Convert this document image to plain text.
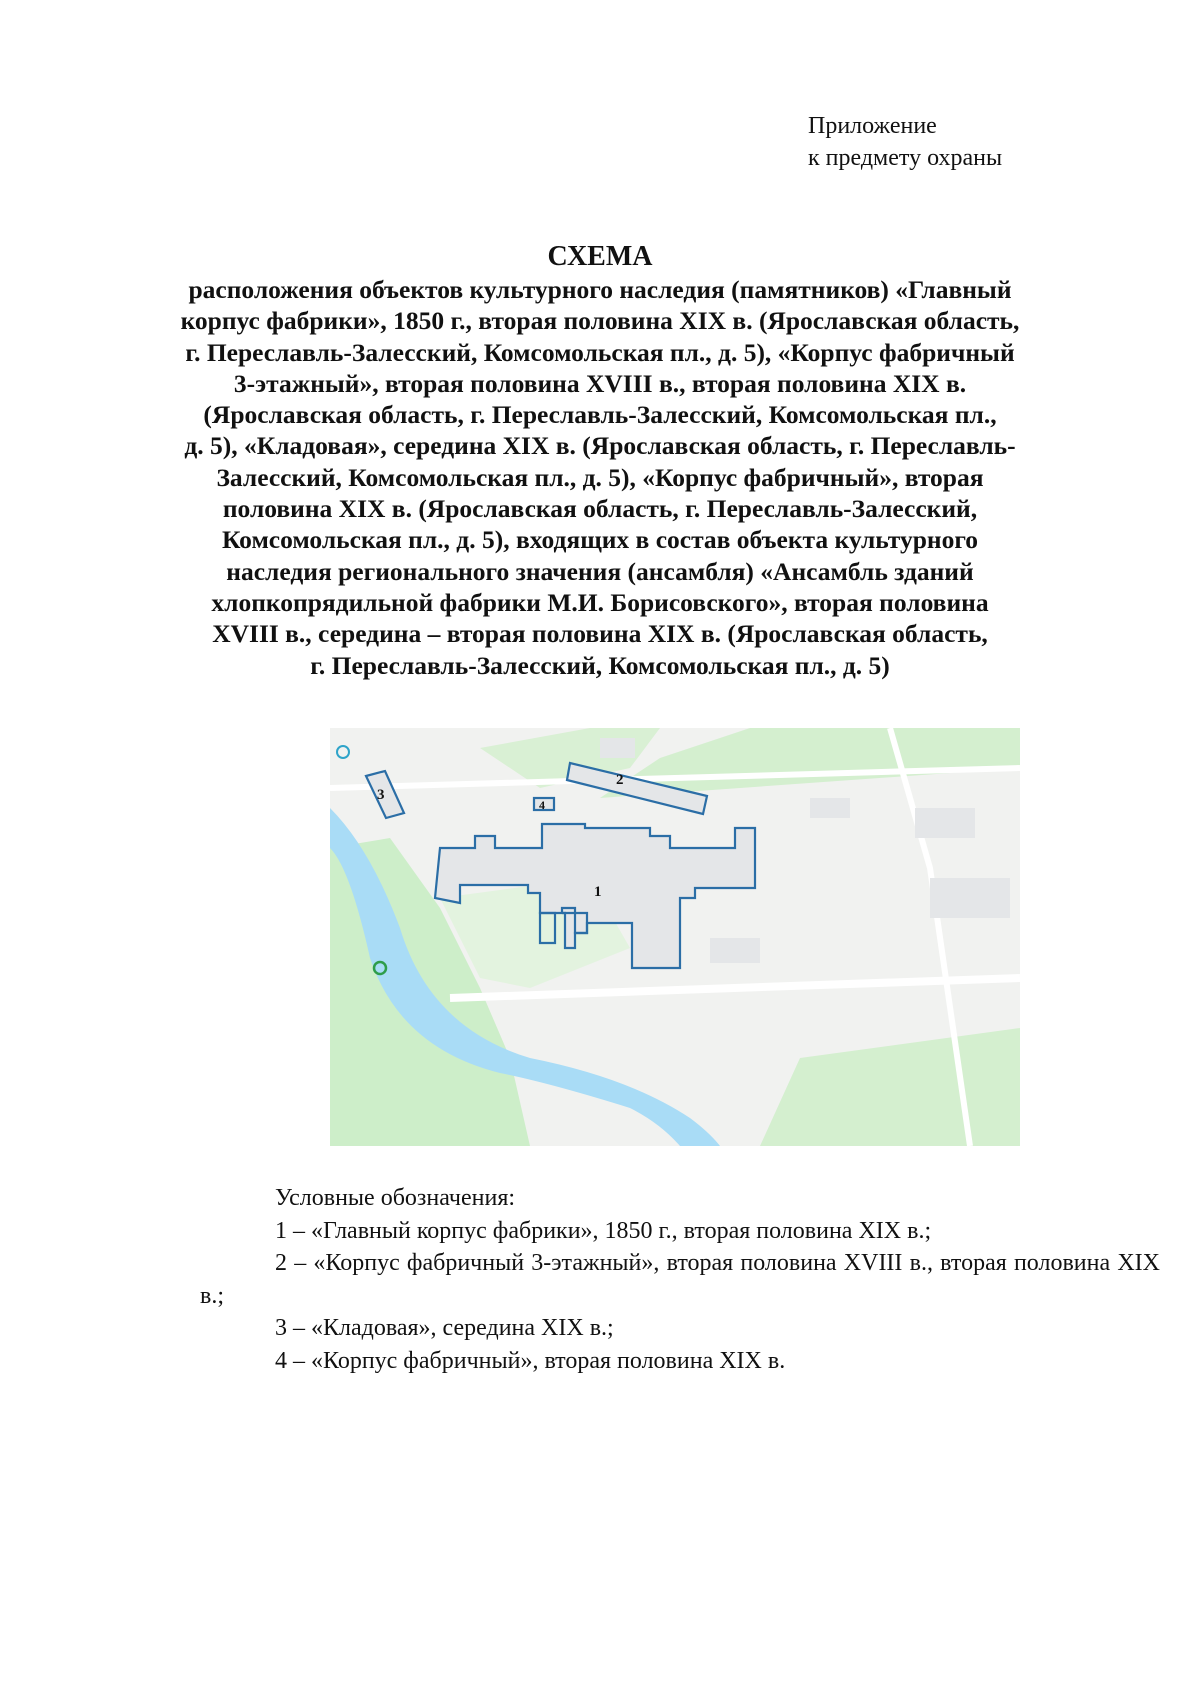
Приложение
к предмету охраны
СХЕМА
расположения объектов культурного наследия (памятников) «Главный
корпус фабрики», 1850 г., вторая половина XIX в. (Ярославская область,
г. Переславль-Залесский, Комсомольская пл., д. 5), «Корпус фабричный
3-этажный», вторая половина XVIII в., вторая половина XIX в.
(Ярославская область, г. Переславль-Залесский, Комсомольская пл.,
д. 5), «Кладовая», середина XIX в. (Ярославская область, г. Переславль-
Залесский, Комсомольская пл., д. 5), «Корпус фабричный», вторая
половина XIX в. (Ярославская область, г. Переславль-Залесский,
Комсомольская пл., д. 5), входящих в состав объекта культурного
наследия регионального значения (ансамбля) «Ансамбль зданий
хлопкопрядильной фабрики М.И. Борисовского», вторая половина
XVIII в., середина – вторая половина XIX в. (Ярославская область,
г. Переславль-Залесский, Комсомольская пл., д. 5)
1
2
3
4
Условные обозначения:
1 – «Главный корпус фабрики», 1850 г., вторая половина XIX в.;
2 – «Корпус фабричный 3-этажный», вторая половина XVIII в., вторая половина XIX в.;
3 – «Кладовая», середина XIX в.;
4 – «Корпус фабричный», вторая половина XIX в.
